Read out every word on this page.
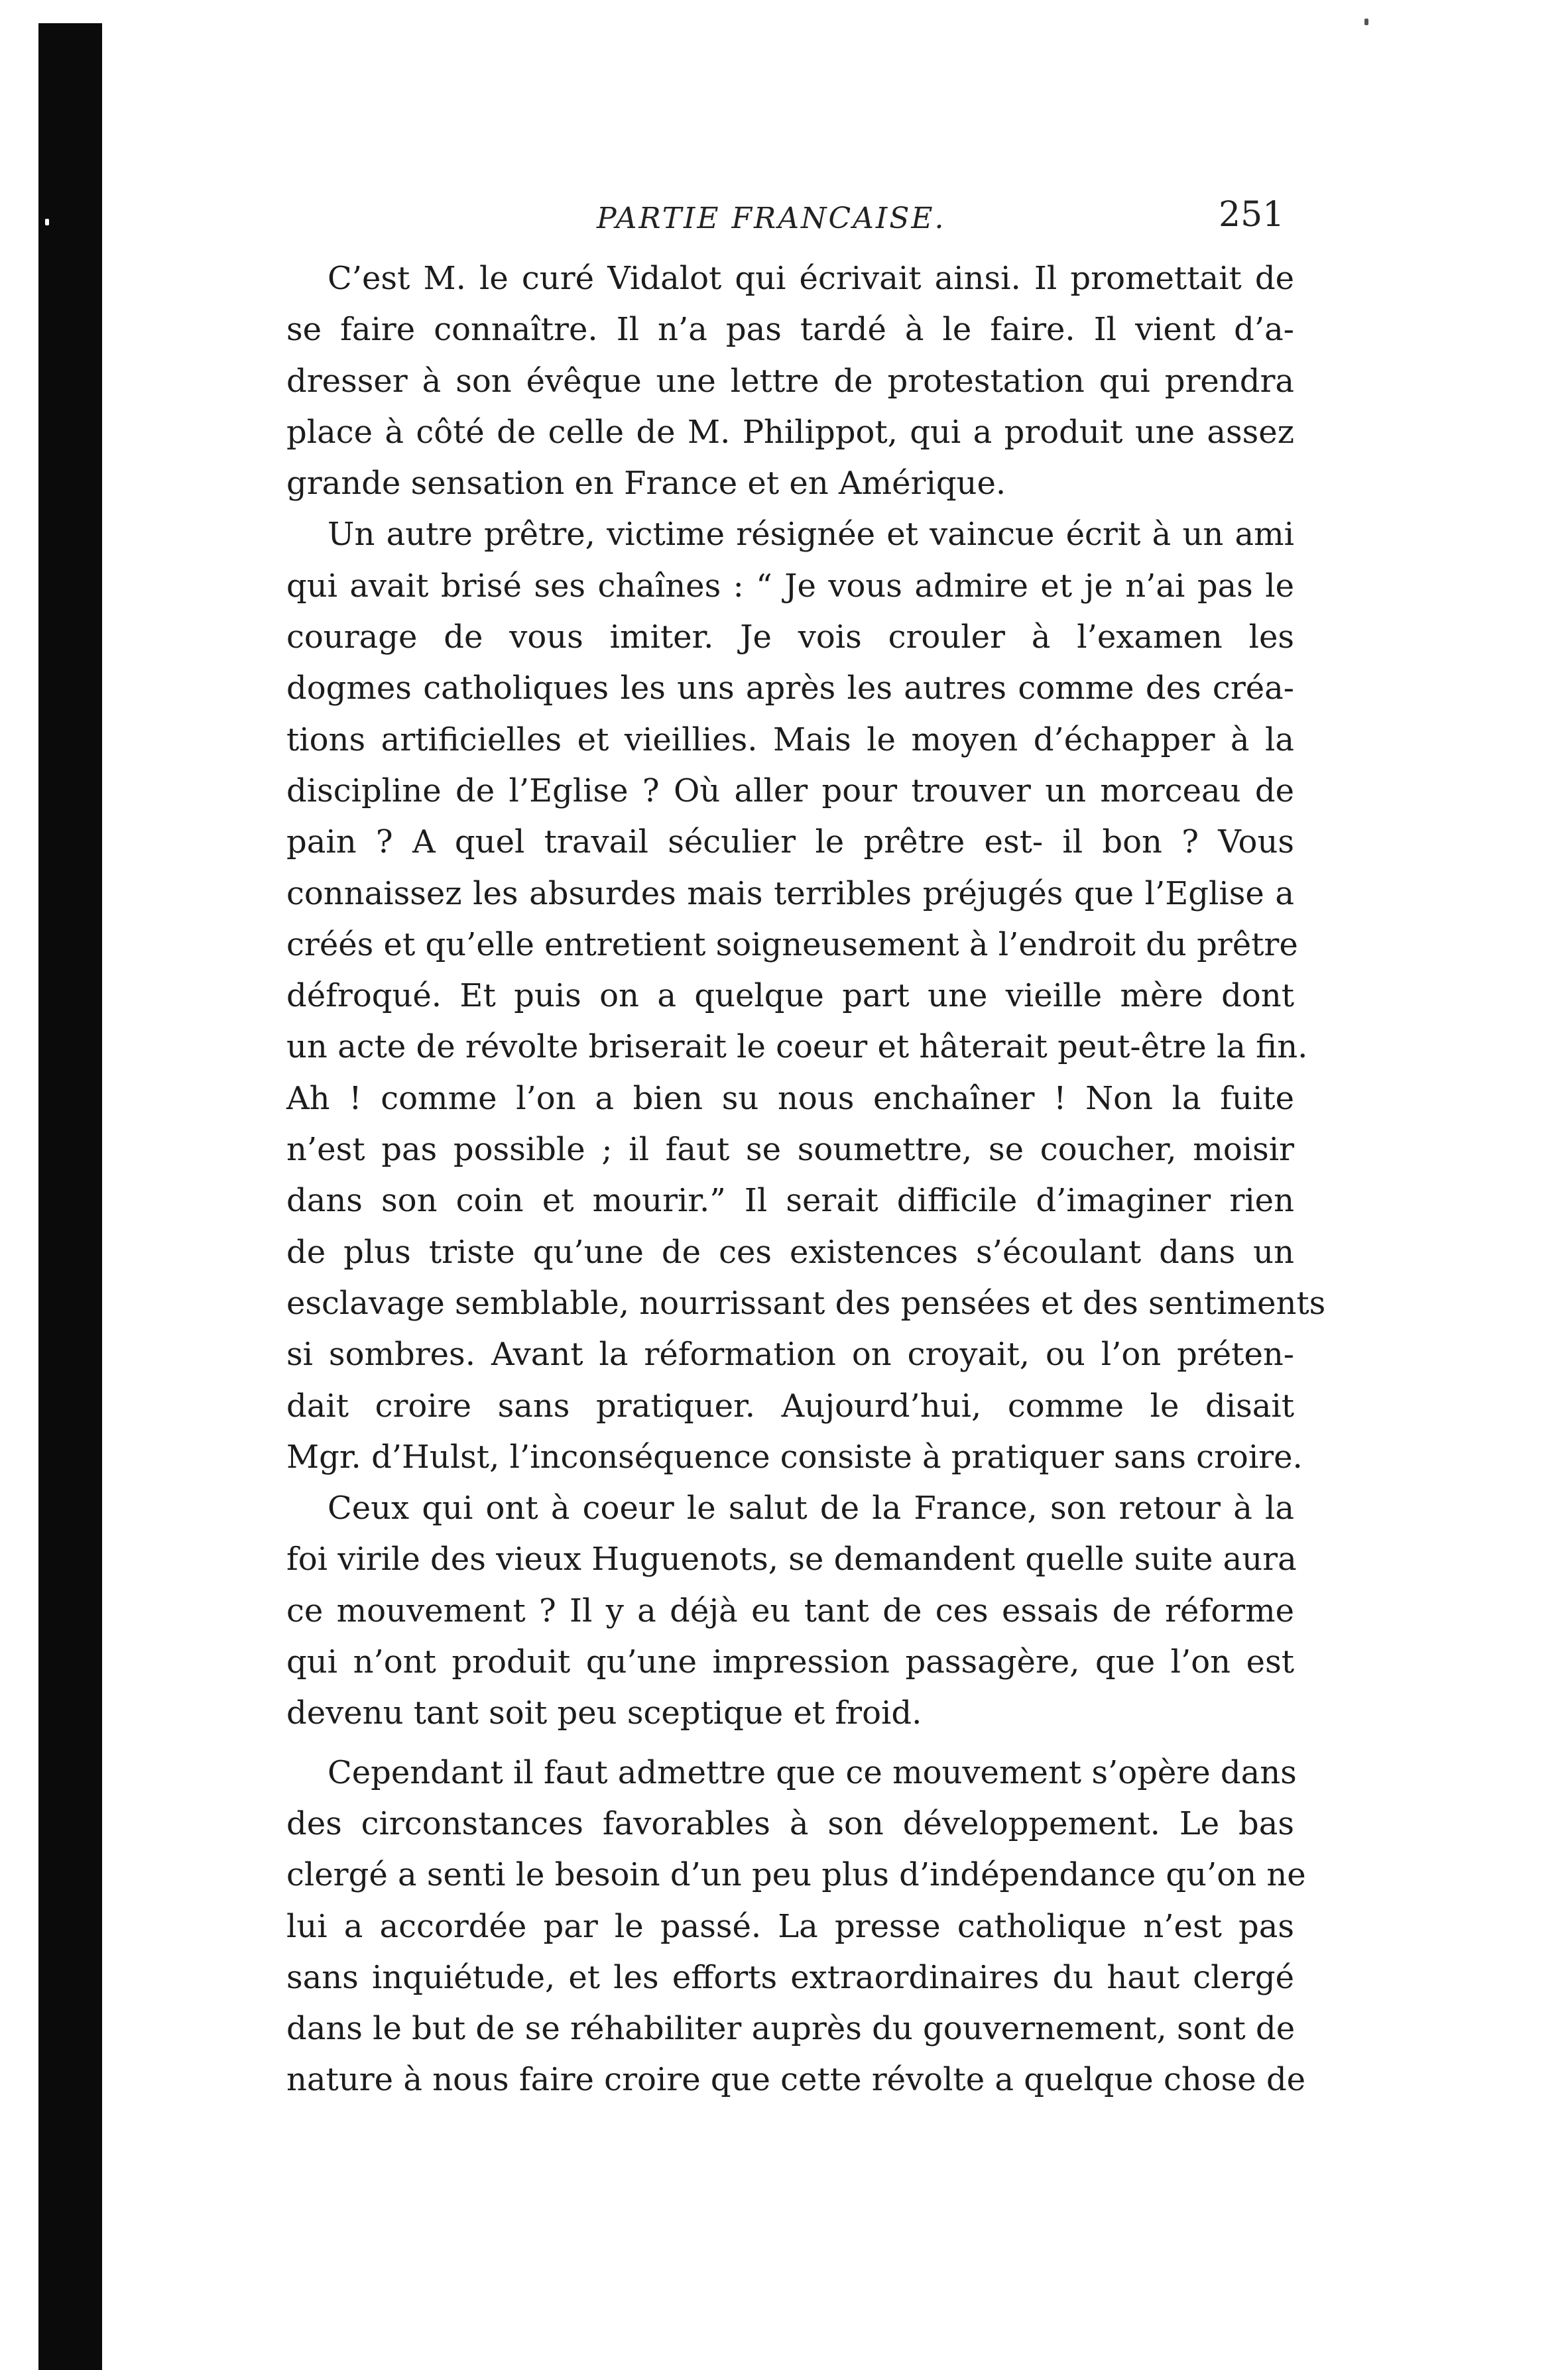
PARTIE FRANCAISE.	251
C’est M. le curé Vidalot qui écrivait ainsi. Il promettait de
se faire connaître. Il n’a pas tardé à le faire. Il vient d’a-
dresser à son évêque une lettre de protestation qui prendra
place à côté de celle de M. Philippot, qui a produit une assez
grande sensation en France et en Amérique.
Un autre prêtre, victime résignée et vaincue écrit à un ami
qui avait brisé ses chaînes : “ Je vous admire et je n’ai pas le
courage de vous imiter. Je vois crouler à l’examen les
dogmes catholiques les uns après les autres comme des créa-
tions artificielles et vieillies. Mais le moyen d’échapper à la
discipline de l’Eglise ? Où aller pour trouver un morceau de
pain ? A quel travail séculier le prêtre est- il bon ? Vous
connaissez les absurdes mais terribles préjugés que l’Eglise a
créés et qu’elle entretient soigneusement à l’endroit du prêtre
défroqué. Et puis on a quelque part une vieille mère dont
un acte de révolte briserait le coeur et hâterait peut-être la fin.
Ah ! comme l’on a bien su nous enchaîner ! Non la fuite
n’est pas possible ; il faut se soumettre, se coucher, moisir
dans son coin et mourir.” Il serait difficile d’imaginer rien
de plus triste qu’une de ces existences s’écoulant dans un
esclavage semblable, nourrissant des pensées et des sentiments
si sombres. Avant la réformation on croyait, ou l’on préten-
dait croire sans pratiquer. Aujourd’hui, comme le disait
Mgr. d’Hulst, l’inconséquence consiste à pratiquer sans croire.
Ceux qui ont à coeur le salut de la France, son retour à la
foi virile des vieux Huguenots, se demandent quelle suite aura
ce mouvement ? Il y a déjà eu tant de ces essais de réforme
qui n’ont produit qu’une impression passagère, que l’on est
devenu tant soit peu sceptique et froid.
Cependant il faut admettre que ce mouvement s’opère dans
des circonstances favorables à son développement. Le bas
clergé a senti le besoin d’un peu plus d’indépendance qu’on ne
lui a accordée par le passé. La presse catholique n’est pas
sans inquiétude, et les efforts extraordinaires du haut clergé
dans le but de se réhabiliter auprès du gouvernement, sont de
nature à nous faire croire que cette révolte a quelque chose de
